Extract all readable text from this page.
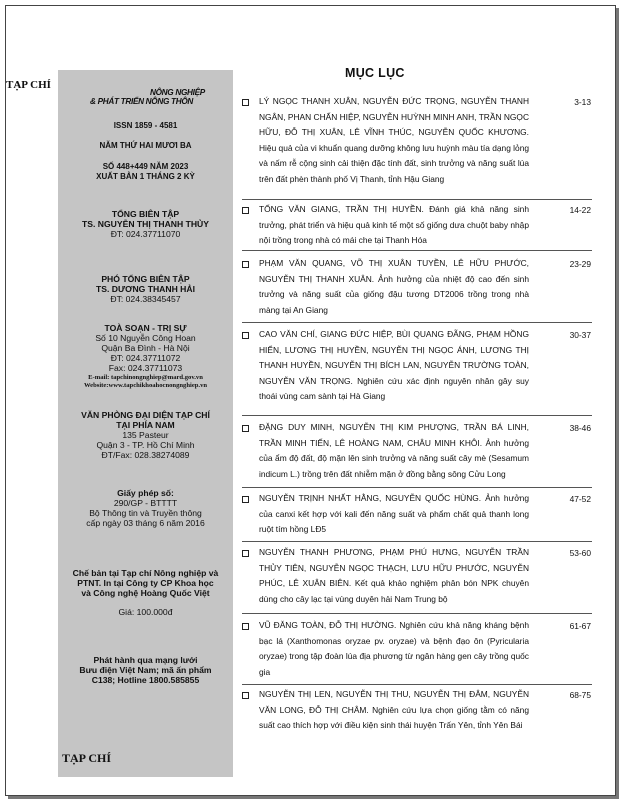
ISSN 1859 - 4581
NĂM THỨ HAI MƯƠI BA
SỐ 448+449 NĂM 2023
XUẤT BẢN 1 THÁNG 2 KỲ
TỔNG BIÊN TẬP
TS. NGUYỄN THỊ THANH THỦY
ĐT: 024.37711070
PHÓ TỔNG BIÊN TẬP
TS. DƯƠNG THANH HẢI
ĐT: 024.38345457
TOÀ SOẠN - TRỊ SỰ
Số 10 Nguyễn Công Hoan
Quận Ba Đình - Hà Nội
ĐT: 024.37711072
Fax: 024.37711073
E-mail: tapchinongnghiep@mard.gov.vn
Website:www.tapchikhoahocnongnghiep.vn
VĂN PHÒNG ĐẠI DIỆN TẠP CHÍ
TẠI PHÍA NAM
135 Pasteur
Quận 3 - TP. Hồ Chí Minh
ĐT/Fax: 028.38274089
Giấy phép số:
290/GP - BTTTT
Bộ Thông tin và Truyền thông
cấp ngày 03 tháng 6 năm 2016
Chế bản tại Tạp chí Nông nghiệp và
PTNT. In tại Công ty CP Khoa học
và Công nghệ Hoàng Quốc Việt
Giá: 100.000đ
Phát hành qua mạng lưới
Bưu điện Việt Nam; mã ấn phẩm
C138; Hotline 1800.585855
TẠP CHÍ
NÔNG NGHIỆP
& PHÁT TRIỂN NÔNG THÔN
TẠP CHÍ
MỤC LỤC
LÝ NGỌC THANH XUÂN, NGUYỄN ĐỨC TRỌNG, NGUYỄN THANH NGÂN, PHAN CHẤN HIỆP, NGUYỄN HUỲNH MINH ANH, TRẦN NGỌC HỮU, ĐỖ THỊ XUÂN, LÊ VĨNH THÚC, NGUYỄN QUỐC KHƯƠNG. Hiệu quả của vi khuẩn quang dưỡng không lưu huỳnh màu tía dạng lỏng và nấm rễ cộng sinh cải thiện đặc tính đất, sinh trưởng và năng suất lúa trên đất phèn thành phố Vị Thanh, tỉnh Hậu Giang
3-13
TỐNG VĂN GIANG, TRẦN THỊ HUYỀN. Đánh giá khả năng sinh trưởng, phát triển và hiệu quả kinh tế một số giống dưa chuột baby nhập nội trồng trong nhà có mái che tại Thanh Hóa
14-22
PHẠM VĂN QUANG, VÕ THỊ XUÂN TUYỀN, LÊ HỮU PHƯỚC, NGUYỄN THỊ THANH XUÂN. Ảnh hưởng của nhiệt độ cao đến sinh trưởng và năng suất của giống đậu tương DT2006 trồng trong nhà màng tại An Giang
23-29
CAO VĂN CHÍ, GIANG ĐỨC HIỆP, BÙI QUANG ĐÃNG, PHẠM HỒNG HIỂN, LƯƠNG THỊ HUYỀN, NGUYỄN THỊ NGỌC ÁNH, LƯƠNG THỊ THANH HUYỀN, NGUYỄN THỊ BÍCH LAN, NGUYỄN TRƯỜNG TOÀN, NGUYỄN VĂN TRỌNG. Nghiên cứu xác định nguyên nhân gây suy thoái vùng cam sành tại Hà Giang
30-37
ĐẶNG DUY MINH, NGUYỄN THỊ KIM PHƯỢNG, TRẦN BÁ LINH, TRẦN MINH TIẾN, LÊ HOÀNG NAM, CHÂU MINH KHÔI. Ảnh hưởng của ẩm độ đất, độ mặn lên sinh trưởng và năng suất cây mè (Sesamum indicum L.) trồng trên đất nhiễm mặn ở đồng bằng sông Cửu Long
38-46
NGUYỄN TRỊNH NHẤT HẰNG, NGUYỄN QUỐC HÙNG. Ảnh hưởng của canxi kết hợp với kali đến năng suất và phẩm chất quả thanh long ruột tím hồng LĐ5
47-52
NGUYỄN THANH PHƯƠNG, PHẠM PHÚ HƯNG, NGUYỄN TRẦN THỦY TIÊN, NGUYỄN NGỌC THẠCH, LƯU HỮU PHƯỚC, NGUYỄN PHÚC, LÊ XUÂN BIÊN. Kết quả khảo nghiệm phân bón NPK chuyên dùng cho cây lạc tại vùng duyên hải Nam Trung bộ
53-60
VŨ ĐĂNG TOÀN, ĐỖ THỊ HƯỜNG. Nghiên cứu khả năng kháng bệnh bạc lá (Xanthomonas oryzae pv. oryzae) và bệnh đạo ôn (Pyricularia oryzae) trong tập đoàn lúa địa phương từ ngân hàng gen cây trồng quốc gia
61-67
NGUYỄN THỊ LEN, NGUYỄN THỊ THU, NGUYỄN THỊ ĐÂM, NGUYỄN VĂN LONG, ĐỖ THỊ CHÂM. Nghiên cứu lựa chọn giống tằm có năng suất cao thích hợp với điều kiện sinh thái huyện Trấn Yên, tỉnh Yên Bái
68-75
